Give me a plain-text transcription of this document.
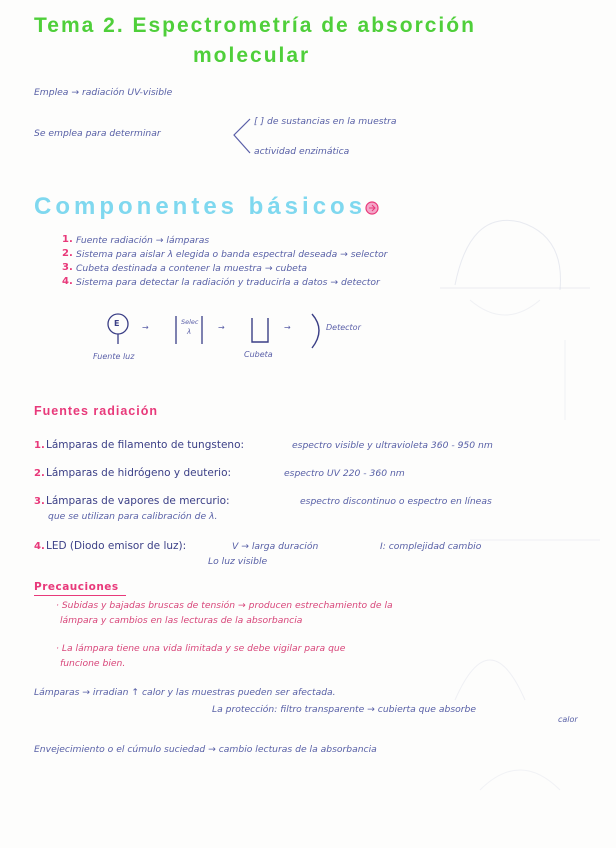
Tema 2. Espectrometría de absorción
molecular
Emplea → radiación UV-visible
Se emplea para determinar
[ ] de sustancias en la muestra
actividad enzimática
Componentes básicos
1. Fuente radiación → lámparas
2. Sistema para aislar λ elegida o banda espectral deseada → selector
3. Cubeta destinada a contener la muestra → cubeta
4. Sistema para detectar la radiación y traducirla a datos → detector
E	→
Selec
λ	→	→	Detector
Fuente luz	Cubeta
Fuentes radiación
1. Lámparas de filamento de tungsteno:	espectro visible y ultravioleta 360 - 950 nm
2. Lámparas de hidrógeno y deuterio:	espectro UV 220 - 360 nm
3. Lámparas de vapores de mercurio:	espectro discontinuo o espectro en líneas
que se utilizan para calibración de λ.
4. LED (Diodo emisor de luz):	V → larga duración	I: complejidad cambio
Lo luz visible
Precauciones
· Subidas y bajadas bruscas de tensión → producen estrechamiento de la
lámpara y cambios en las lecturas de la absorbancia
· La lámpara tiene una vida limitada y se debe vigilar para que
funcione bien.
Lámparas → irradian ↑ calor y las muestras pueden ser afectada.
La protección: filtro transparente → cubierta que absorbe
calor
Envejecimiento o el cúmulo suciedad → cambio lecturas de la absorbancia
